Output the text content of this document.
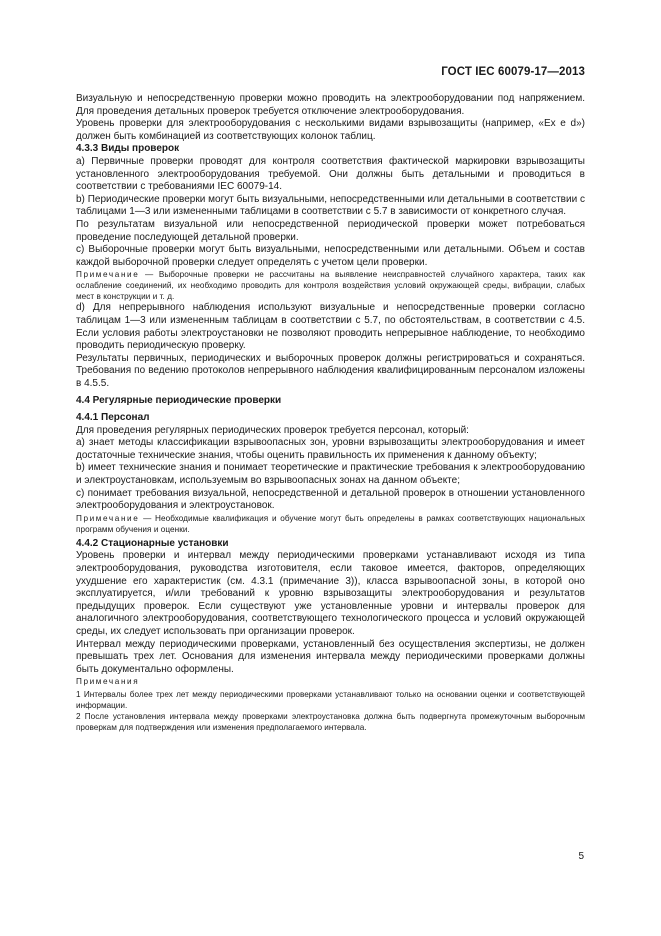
ГОСТ IEC 60079-17—2013

Визуальную и непосредственную проверки можно проводить на электрооборудовании под напряжением. Для проведения детальных проверок требуется отключение электрооборудования.

Уровень проверки для электрооборудования с несколькими видами взрывозащиты (например, «Ex e d») должен быть комбинацией из соответствующих колонок таблиц.

4.3.3 Виды проверок

а) Первичные проверки проводят для контроля соответствия фактической маркировки взрывозащиты установленного электрооборудования требуемой. Они должны быть детальными и проводиться в соответствии с требованиями IEC 60079-14.

b) Периодические проверки могут быть визуальными, непосредственными или детальными в соответствии с таблицами 1—3 или измененными таблицами в соответствии с 5.7 в зависимости от конкретного случая.

По результатам визуальной или непосредственной периодической проверки может потребоваться проведение последующей детальной проверки.

с) Выборочные проверки могут быть визуальными, непосредственными или детальными. Объем и состав каждой выборочной проверки следует определять с учетом цели проверки.

Примечание — Выборочные проверки не рассчитаны на выявление неисправностей случайного характера, таких как ослабление соединений, их необходимо проводить для контроля воздействия условий окружающей среды, вибрации, слабых мест в конструкции и т. д.

d) Для непрерывного наблюдения используют визуальные и непосредственные проверки согласно таблицам 1—3 или измененным таблицам в соответствии с 5.7, по обстоятельствам, в соответствии с 4.5. Если условия работы электроустановки не позволяют проводить непрерывное наблюдение, то необходимо проводить периодическую проверку.

Результаты первичных, периодических и выборочных проверок должны регистрироваться и сохраняться. Требования по ведению протоколов непрерывного наблюдения квалифицированным персоналом изложены в 4.5.5.

4.4 Регулярные периодические проверки

4.4.1 Персонал

Для проведения регулярных периодических проверок требуется персонал, который:

а) знает методы классификации взрывоопасных зон, уровни взрывозащиты электрооборудования и имеет достаточные технические знания, чтобы оценить правильность их применения к данному объекту;

b) имеет технические знания и понимает теоретические и практические требования к электрооборудованию и электроустановкам, используемым во взрывоопасных зонах на данном объекте;

с) понимает требования визуальной, непосредственной и детальной проверок в отношении установленного электрооборудования и электроустановок.

Примечание — Необходимые квалификация и обучение могут быть определены в рамках соответствующих национальных программ обучения и оценки.

4.4.2 Стационарные установки

Уровень проверки и интервал между периодическими проверками устанавливают исходя из типа электрооборудования, руководства изготовителя, если таковое имеется, факторов, определяющих ухудшение его характеристик (см. 4.3.1 (примечание 3)), класса взрывоопасной зоны, в которой оно эксплуатируется, и/или требований к уровню взрывозащиты электрооборудования и результатов предыдущих проверок. Если существуют уже установленные уровни и интервалы проверок для аналогичного электрооборудования, соответствующего технологического процесса и условий окружающей среды, их следует использовать при организации проверок.

Интервал между периодическими проверками, установленный без осуществления экспертизы, не должен превышать трех лет. Основания для изменения интервала между периодическими проверками должны быть документально оформлены.

Примечания

1 Интервалы более трех лет между периодическими проверками устанавливают только на основании оценки и соответствующей информации.

2 После установления интервала между проверками электроустановка должна быть подвергнута промежуточным выборочным проверкам для подтверждения или изменения предполагаемого интервала.

5
